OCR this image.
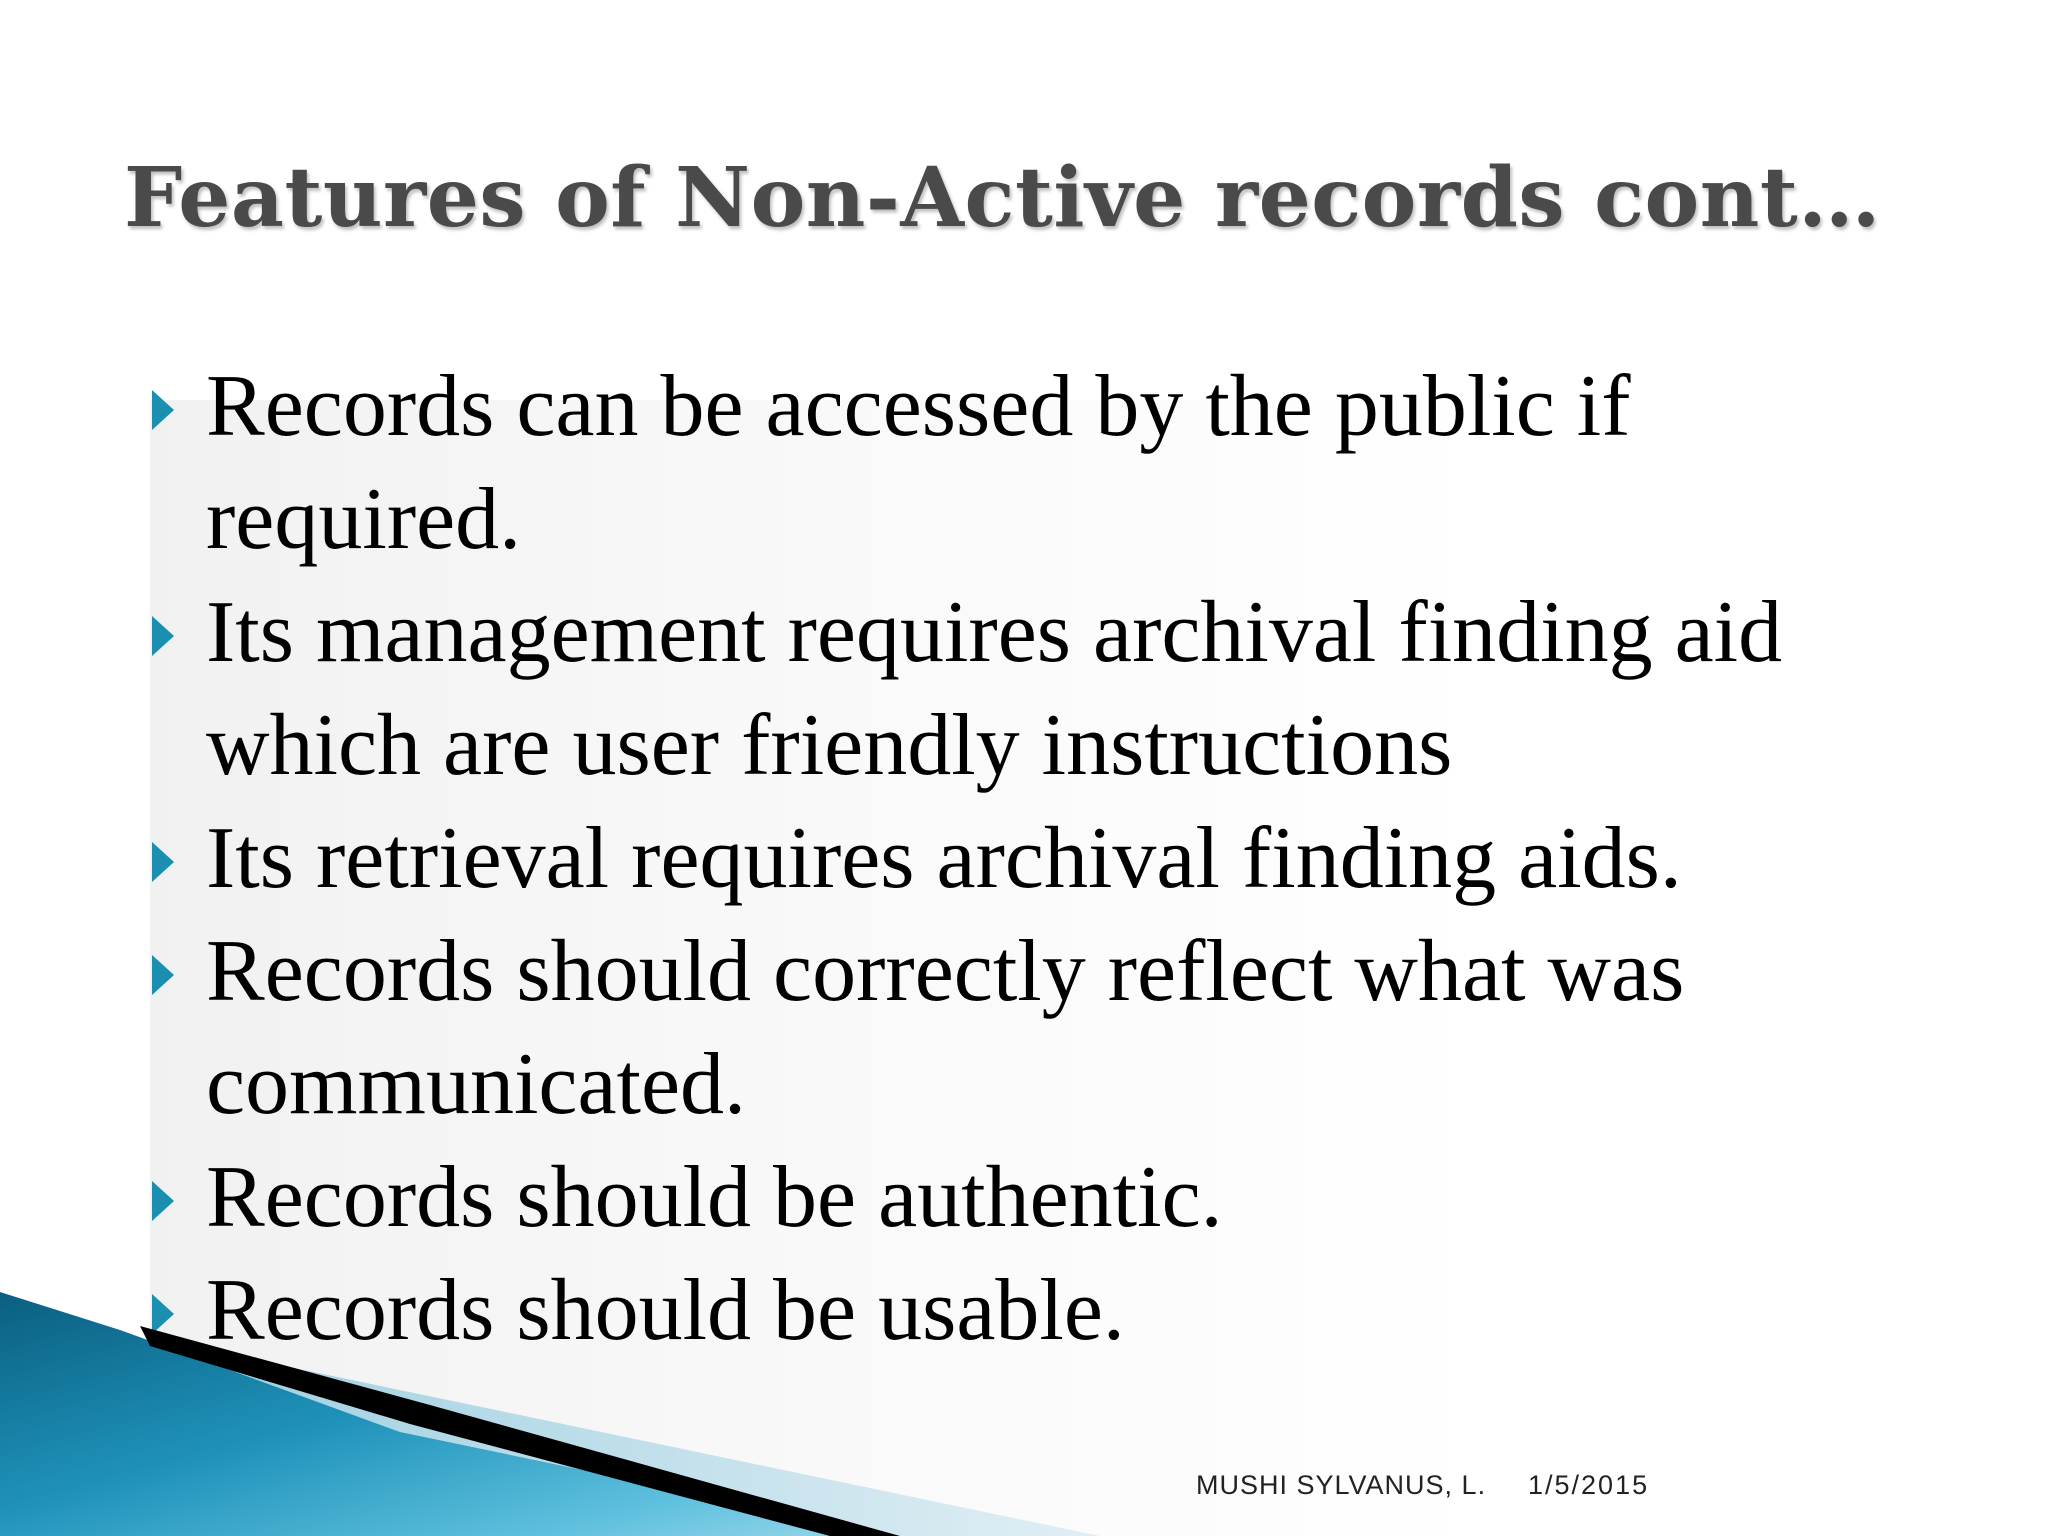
Features of Non-Active records cont…
Records can be accessed by the public if required.
Its management requires archival finding aid which are user friendly instructions
Its retrieval requires archival finding aids.
Records should correctly reflect what was communicated.
Records should be authentic.
Records should be usable.
MUSHI SYLVANUS, L. 1/5/2015
